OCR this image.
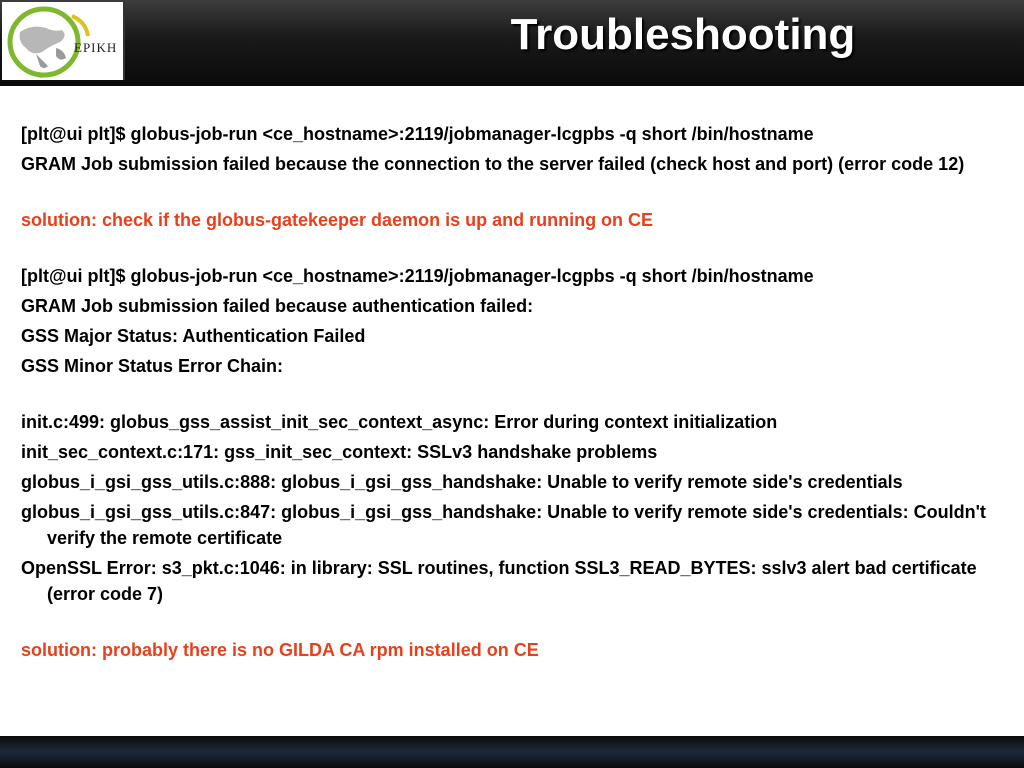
EPIKH	Troubleshooting
[plt@ui plt]$ globus-job-run <ce_hostname>:2119/jobmanager-lcgpbs -q short /bin/hostname
GRAM Job submission failed because the connection to the server failed (check host and port) (error code 12)
solution: check if the globus-gatekeeper daemon is up and running on CE
[plt@ui plt]$ globus-job-run <ce_hostname>:2119/jobmanager-lcgpbs -q short /bin/hostname
GRAM Job submission failed because authentication failed:
GSS Major Status: Authentication Failed
GSS Minor Status Error Chain:
init.c:499: globus_gss_assist_init_sec_context_async: Error during context initialization
init_sec_context.c:171: gss_init_sec_context: SSLv3 handshake problems
globus_i_gsi_gss_utils.c:888: globus_i_gsi_gss_handshake: Unable to verify remote side's credentials
globus_i_gsi_gss_utils.c:847: globus_i_gsi_gss_handshake: Unable to verify remote side's credentials: Couldn't verify the remote certificate
OpenSSL Error: s3_pkt.c:1046: in library: SSL routines, function SSL3_READ_BYTES: sslv3 alert bad certificate (error code 7)
solution: probably there is no GILDA CA rpm installed on CE
